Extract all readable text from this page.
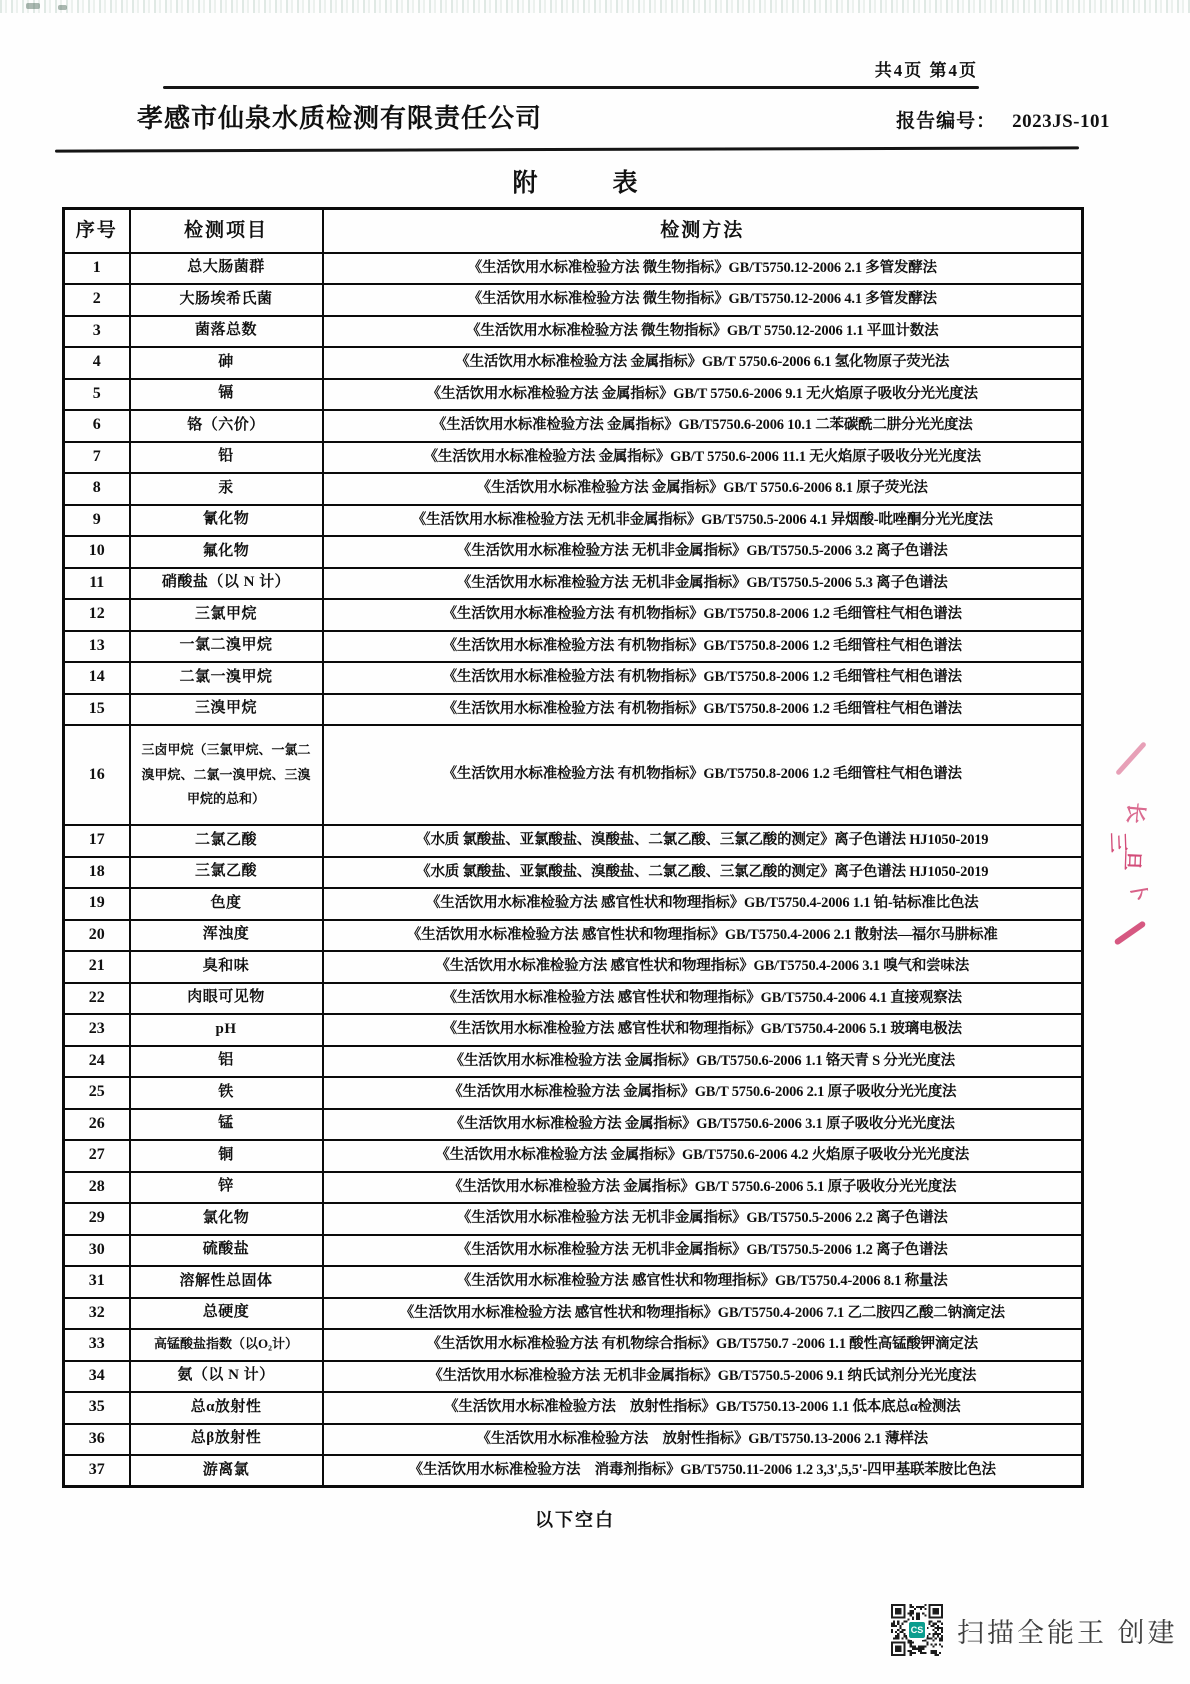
共4页 第4页
孝感市仙泉水质检测有限责任公司	报告编号： 2023JS-101
附　　　表
序号	检测项目	检测方法
1	总大肠菌群	《生活饮用水标准检验方法 微生物指标》GB/T5750.12-2006 2.1 多管发酵法
2	大肠埃希氏菌	《生活饮用水标准检验方法 微生物指标》GB/T5750.12-2006 4.1 多管发酵法
3	菌落总数	《生活饮用水标准检验方法 微生物指标》GB/T 5750.12-2006 1.1 平皿计数法
4	砷	《生活饮用水标准检验方法 金属指标》GB/T 5750.6-2006 6.1 氢化物原子荧光法
5	镉	《生活饮用水标准检验方法 金属指标》GB/T 5750.6-2006 9.1 无火焰原子吸收分光光度法
6	铬（六价）	《生活饮用水标准检验方法 金属指标》GB/T5750.6-2006 10.1 二苯碳酰二肼分光光度法
7	铅	《生活饮用水标准检验方法 金属指标》GB/T 5750.6-2006 11.1 无火焰原子吸收分光光度法
8	汞	《生活饮用水标准检验方法 金属指标》GB/T 5750.6-2006 8.1 原子荧光法
9	氰化物	《生活饮用水标准检验方法 无机非金属指标》GB/T5750.5-2006 4.1 异烟酸-吡唑酮分光光度法
10	氟化物	《生活饮用水标准检验方法 无机非金属指标》GB/T5750.5-2006 3.2 离子色谱法
11	硝酸盐（以 N 计）	《生活饮用水标准检验方法 无机非金属指标》GB/T5750.5-2006 5.3 离子色谱法
12	三氯甲烷	《生活饮用水标准检验方法 有机物指标》GB/T5750.8-2006 1.2 毛细管柱气相色谱法
13	一氯二溴甲烷	《生活饮用水标准检验方法 有机物指标》GB/T5750.8-2006 1.2 毛细管柱气相色谱法
14	二氯一溴甲烷	《生活饮用水标准检验方法 有机物指标》GB/T5750.8-2006 1.2 毛细管柱气相色谱法
15	三溴甲烷	《生活饮用水标准检验方法 有机物指标》GB/T5750.8-2006 1.2 毛细管柱气相色谱法
16	三卤甲烷（三氯甲烷、一氯二溴甲烷、二氯一溴甲烷、三溴甲烷的总和）	《生活饮用水标准检验方法 有机物指标》GB/T5750.8-2006 1.2 毛细管柱气相色谱法
17	二氯乙酸	《水质 氯酸盐、亚氯酸盐、溴酸盐、二氯乙酸、三氯乙酸的测定》离子色谱法 HJ1050-2019
18	三氯乙酸	《水质 氯酸盐、亚氯酸盐、溴酸盐、二氯乙酸、三氯乙酸的测定》离子色谱法 HJ1050-2019
19	色度	《生活饮用水标准检验方法 感官性状和物理指标》GB/T5750.4-2006 1.1 铂-钴标准比色法
20	浑浊度	《生活饮用水标准检验方法 感官性状和物理指标》GB/T5750.4-2006 2.1 散射法—福尔马肼标准
21	臭和味	《生活饮用水标准检验方法 感官性状和物理指标》GB/T5750.4-2006 3.1 嗅气和尝味法
22	肉眼可见物	《生活饮用水标准检验方法 感官性状和物理指标》GB/T5750.4-2006 4.1 直接观察法
23	pH	《生活饮用水标准检验方法 感官性状和物理指标》GB/T5750.4-2006 5.1 玻璃电极法
24	铝	《生活饮用水标准检验方法 金属指标》GB/T5750.6-2006 1.1 铬天青 S 分光光度法
25	铁	《生活饮用水标准检验方法 金属指标》GB/T 5750.6-2006 2.1 原子吸收分光光度法
26	锰	《生活饮用水标准检验方法 金属指标》GB/T5750.6-2006 3.1 原子吸收分光光度法
27	铜	《生活饮用水标准检验方法 金属指标》GB/T5750.6-2006 4.2 火焰原子吸收分光光度法
28	锌	《生活饮用水标准检验方法 金属指标》GB/T 5750.6-2006 5.1 原子吸收分光光度法
29	氯化物	《生活饮用水标准检验方法 无机非金属指标》GB/T5750.5-2006 2.2 离子色谱法
30	硫酸盐	《生活饮用水标准检验方法 无机非金属指标》GB/T5750.5-2006 1.2 离子色谱法
31	溶解性总固体	《生活饮用水标准检验方法 感官性状和物理指标》GB/T5750.4-2006 8.1 称量法
32	总硬度	《生活饮用水标准检验方法 感官性状和物理指标》GB/T5750.4-2006 7.1 乙二胺四乙酸二钠滴定法
33	高锰酸盐指数（以O₂计）	《生活饮用水标准检验方法 有机物综合指标》GB/T5750.7 -2006 1.1 酸性高锰酸钾滴定法
34	氨（以 N 计）	《生活饮用水标准检验方法 无机非金属指标》GB/T5750.5-2006 9.1 纳氏试剂分光光度法
35	总α放射性	《生活饮用水标准检验方法　放射性指标》GB/T5750.13-2006 1.1 低本底总α检测法
36	总β放射性	《生活饮用水标准检验方法　放射性指标》GB/T5750.13-2006 2.1 薄样法
37	游离氯	《生活饮用水标准检验方法　消毒剂指标》GB/T5750.11-2006 1.2 3,3',5,5'-四甲基联苯胺比色法
以下空白
长
三
旦
卜
CS 扫描全能王 创建
